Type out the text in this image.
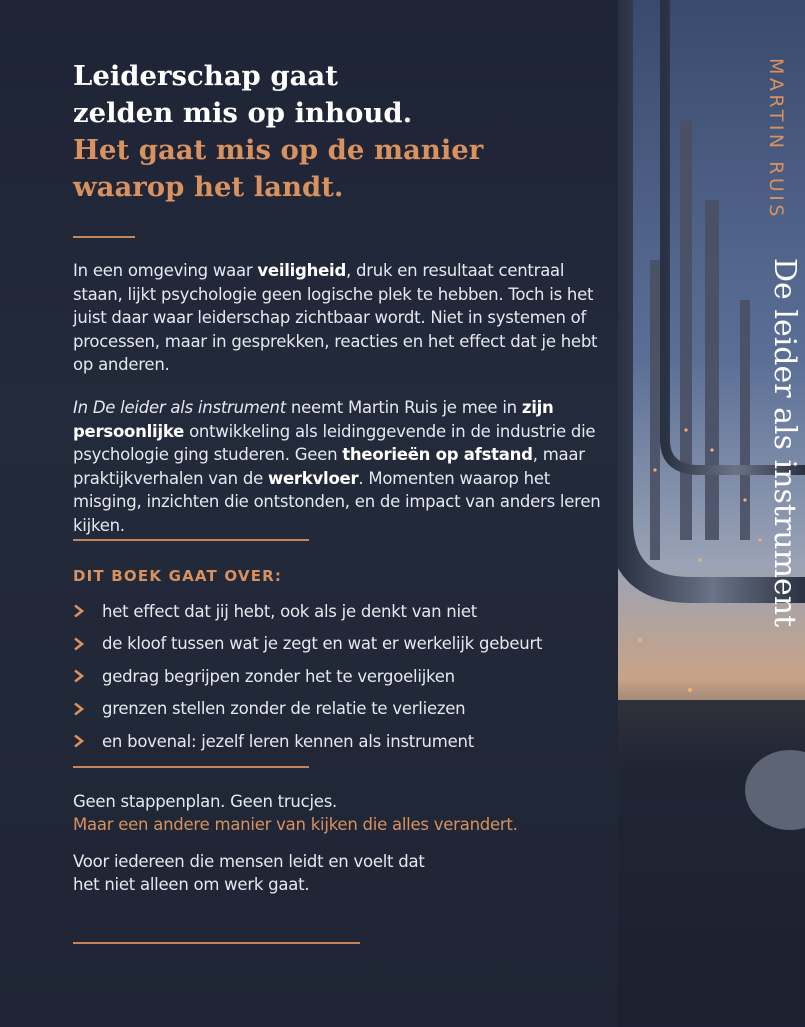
Leiderschap gaat
zelden mis op inhoud.
Het gaat mis op de manier
waarop het landt.

In een omgeving waar veiligheid, druk en resultaat centraal staan, lijkt psychologie geen logische plek te hebben. Toch is het juist daar waar leiderschap zichtbaar wordt. Niet in systemen of processen, maar in gesprekken, reacties en het effect dat je hebt op anderen.

In De leider als instrument neemt Martin Ruis je mee in zijn persoonlijke ontwikkeling als leidinggevende in de industrie die psychologie ging studeren. Geen theorieën op afstand, maar praktijkverhalen van de werkvloer. Momenten waarop het misging, inzichten die ontstonden, en de impact van anders leren kijken.

DIT BOEK GAAT OVER:
het effect dat jij hebt, ook als je denkt van niet
de kloof tussen wat je zegt en wat er werkelijk gebeurt
gedrag begrijpen zonder het te vergoelijken
grenzen stellen zonder de relatie te verliezen
en bovenal: jezelf leren kennen als instrument
Geen stappenplan. Geen trucjes.
Maar een andere manier van kijken die alles verandert.
Voor iedereen die mensen leidt en voelt dat
het niet alleen om werk gaat.
MARTIN RUIS
De leider als instrument
